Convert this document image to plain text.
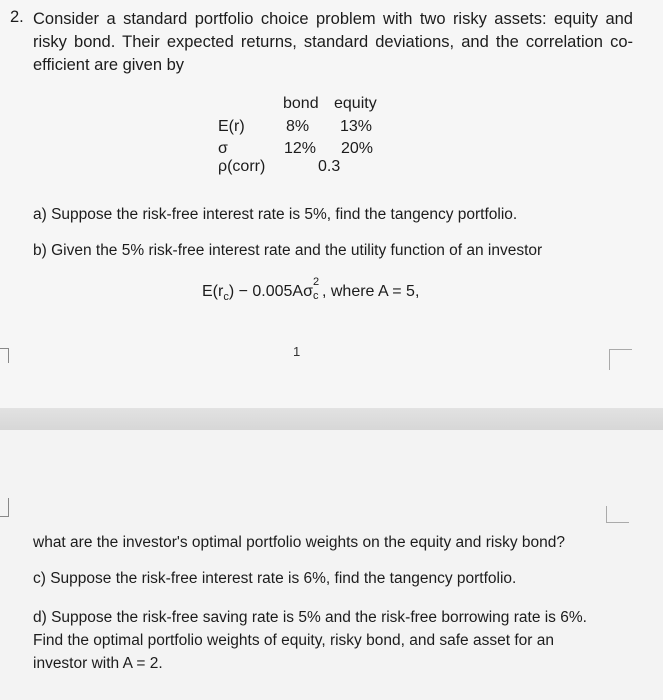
2. Consider a standard portfolio choice problem with two risky assets: equity and risky bond. Their expected returns, standard deviations, and the correlation co-efficient are given by
bond equity
E(r)	8% 13%
σ	12% 20%
ρ(corr)	0.3
a) Suppose the risk-free interest rate is 5%, find the tangency portfolio.
b) Given the 5% risk-free interest rate and the utility function of an investor
$E(r_c) - 0.005A\sigma$
2
c , where A = 5,
1
what are the investor's optimal portfolio weights on the equity and risky bond?
c) Suppose the risk-free interest rate is 6%, find the tangency portfolio.
d) Suppose the risk-free saving rate is 5% and the risk-free borrowing rate is 6%.
Find the optimal portfolio weights of equity, risky bond, and safe asset for an
investor with A = 2.
